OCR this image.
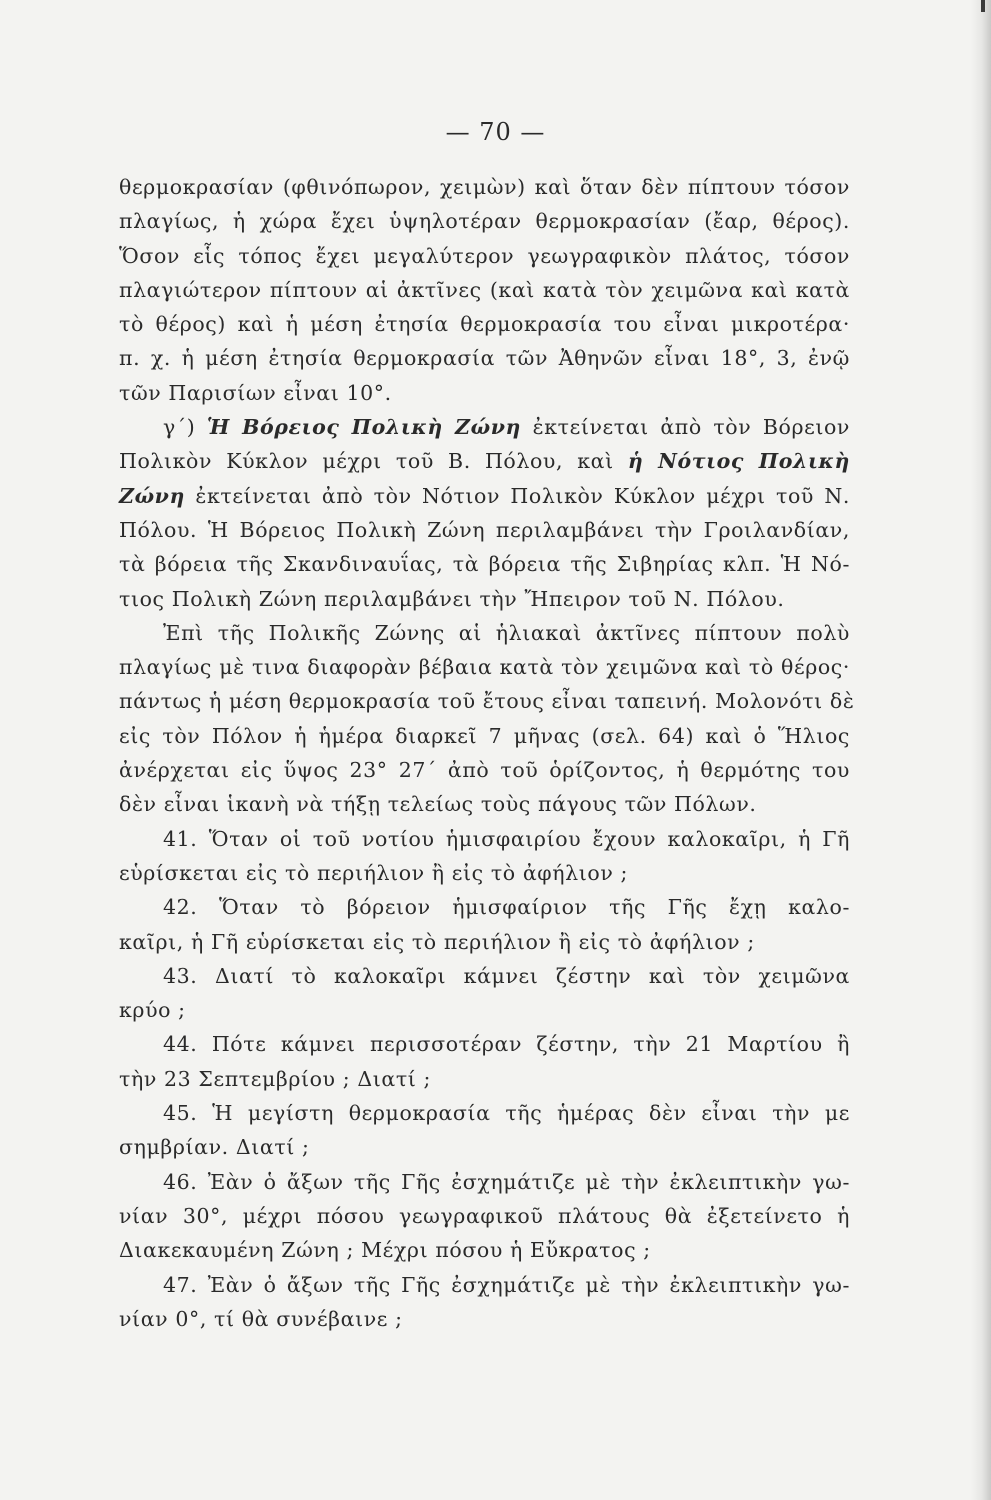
— 70 —
θερμοκρασίαν (φθινόπωρον, χειμὼν) καὶ ὅταν δὲν πίπτουν τόσον
πλαγίως, ἡ χώρα ἔχει ὑψηλοτέραν θερμοκρασίαν (ἔαρ, θέρος).
Ὅσον εἷς τόπος ἔχει μεγαλύτερον γεωγραφικὸν πλάτος, τόσον
πλαγιώτερον πίπτουν αἱ ἀκτῖνες (καὶ κατὰ τὸν χειμῶνα καὶ κατὰ
τὸ θέρος) καὶ ἡ μέση ἐτησία θερμοκρασία του εἶναι μικροτέρα·
π. χ. ἡ μέση ἐτησία θερμοκρασία τῶν Ἀθηνῶν εἶναι 18°, 3, ἐνῷ
τῶν Παρισίων εἶναι 10°.
γ΄) Ἡ Βόρειος Πολικὴ Ζώνη ἐκτείνεται ἀπὸ τὸν Βόρειον
Πολικὸν Κύκλον μέχρι τοῦ Β. Πόλου, καὶ ἡ Νότιος Πολικὴ
Ζώνη ἐκτείνεται ἀπὸ τὸν Νότιον Πολικὸν Κύκλον μέχρι τοῦ Ν.
Πόλου. Ἡ Βόρειος Πολικὴ Ζώνη περιλαμβάνει τὴν Γροιλανδίαν,
τὰ βόρεια τῆς Σκανδιναυΐας, τὰ βόρεια τῆς Σιβηρίας κλπ. Ἡ Νό-
τιος Πολικὴ Ζώνη περιλαμβάνει τὴν Ἤπειρον τοῦ Ν. Πόλου.
Ἐπὶ τῆς Πολικῆς Ζώνης αἱ ἡλιακαὶ ἀκτῖνες πίπτουν πολὺ
πλαγίως μὲ τινα διαφορὰν βέβαια κατὰ τὸν χειμῶνα καὶ τὸ θέρος·
πάντως ἡ μέση θερμοκρασία τοῦ ἔτους εἶναι ταπεινή. Μολονότι δὲ
εἰς τὸν Πόλον ἡ ἡμέρα διαρκεῖ 7 μῆνας (σελ. 64) καὶ ὁ Ἥλιος
ἀνέρχεται εἰς ὕψος 23° 27΄ ἀπὸ τοῦ ὁρίζοντος, ἡ θερμότης του
δὲν εἶναι ἱκανὴ νὰ τήξῃ τελείως τοὺς πάγους τῶν Πόλων.
41. Ὅταν οἱ τοῦ νοτίου ἡμισφαιρίου ἔχουν καλοκαῖρι, ἡ Γῆ
εὑρίσκεται εἰς τὸ περιήλιον ἢ εἰς τὸ ἀφήλιον ;
42. Ὅταν τὸ βόρειον ἡμισφαίριον τῆς Γῆς ἔχῃ καλο-
καῖρι, ἡ Γῆ εὑρίσκεται εἰς τὸ περιήλιον ἢ εἰς τὸ ἀφήλιον ;
43. Διατί τὸ καλοκαῖρι κάμνει ζέστην καὶ τὸν χειμῶνα
κρύο ;
44. Πότε κάμνει περισσοτέραν ζέστην, τὴν 21 Μαρτίου ἢ
τὴν 23 Σεπτεμβρίου ; Διατί ;
45. Ἡ μεγίστη θερμοκρασία τῆς ἡμέρας δὲν εἶναι τὴν με
σημβρίαν. Διατί ;
46. Ἐὰν ὁ ἄξων τῆς Γῆς ἐσχημάτιζε μὲ τὴν ἐκλειπτικὴν γω-
νίαν 30°, μέχρι πόσου γεωγραφικοῦ πλάτους θὰ ἐξετείνετο ἡ
Διακεκαυμένη Ζώνη ; Μέχρι πόσου ἡ Εὔκρατος ;
47. Ἐὰν ὁ ἄξων τῆς Γῆς ἐσχημάτιζε μὲ τὴν ἐκλειπτικὴν γω-
νίαν 0°, τί θὰ συνέβαινε ;
